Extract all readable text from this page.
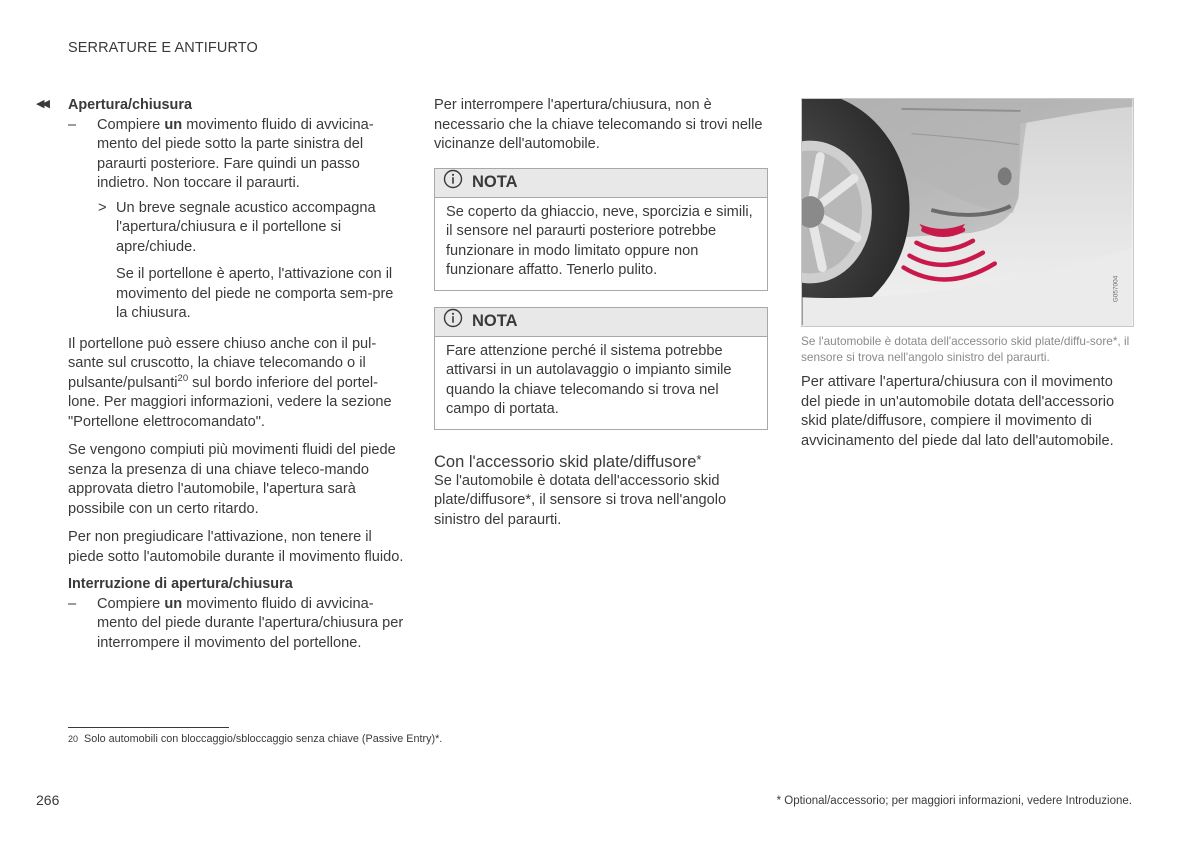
SERRATURE E ANTIFURTO
◀◀ Apertura/chiusura

– Compiere un movimento fluido di avvicina-mento del piede sotto la parte sinistra del paraurti posteriore. Fare quindi un passo indietro. Non toccare il paraurti.
> Un breve segnale acustico accompagna l'apertura/chiusura e il portellone si apre/chiude.

Se il portellone è aperto, l'attivazione con il movimento del piede ne comporta sem-pre la chiusura.

Il portellone può essere chiuso anche con il pul-sante sul cruscotto, la chiave telecomando o il pulsante/pulsanti$^{20}$ sul bordo inferiore del portel-lone. Per maggiori informazioni, vedere la sezione "Portellone elettrocomandato".

Se vengono compiuti più movimenti fluidi del piede senza la presenza di una chiave teleco-mando approvata dietro l'automobile, l'apertura sarà possibile con un certo ritardo.

Per non pregiudicare l'attivazione, non tenere il piede sotto l'automobile durante il movimento fluido.

Interruzione di apertura/chiusura

– Compiere un movimento fluido di avvicina-mento del piede durante l'apertura/chiusura per interrompere il movimento del portellone.

Per interrompere l'apertura/chiusura, non è necessario che la chiave telecomando si trovi nelle vicinanze dell'automobile.

NOTA
Se coperto da ghiaccio, neve, sporcizia e simili, il sensore nel paraurti posteriore potrebbe funzionare in modo limitato oppure non funzionare affatto. Tenerlo pulito.
NOTA
Fare attenzione perché il sistema potrebbe attivarsi in un autolavaggio o impianto simile quando la chiave telecomando si trova nel campo di portata.

Con l'accessorio skid plate/diffusore*

Se l'automobile è dotata dell'accessorio skid plate/diffusore*, il sensore si trova nell'angolo sinistro del paraurti.

G057004

Se l'automobile è dotata dell'accessorio skid plate/diffu-sore*, il sensore si trova nell'angolo sinistro del paraurti.

Per attivare l'apertura/chiusura con il movimento del piede in un'automobile dotata dell'accessorio skid plate/diffusore, compiere il movimento di avvicinamento del piede dal lato dell'automobile.

20 Solo automobili con bloccaggio/sbloccaggio senza chiave (Passive Entry)*.
266	* Optional/accessorio; per maggiori informazioni, vedere Introduzione.
